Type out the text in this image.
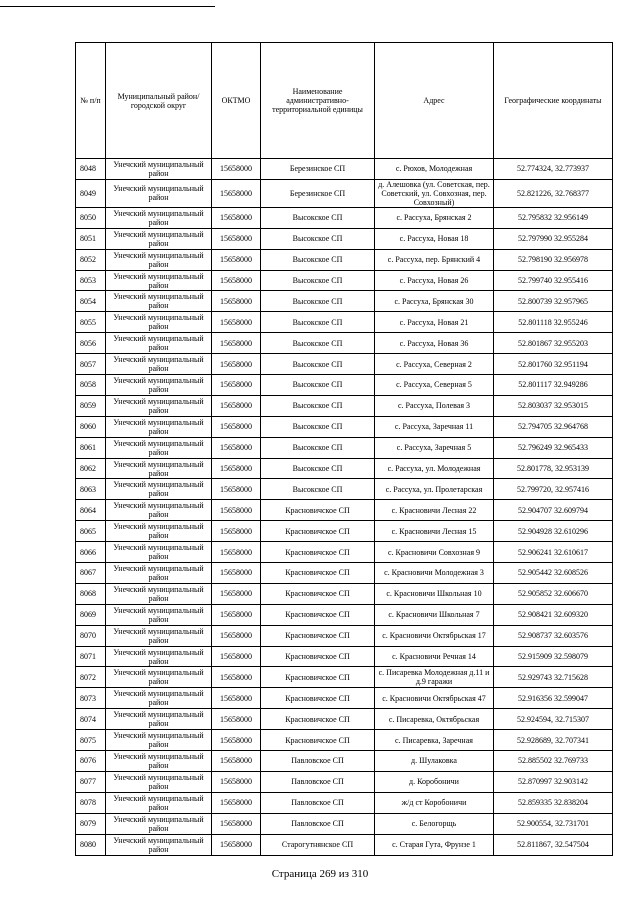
№ п/п	Муниципальный район/городской округ	ОКТМО	Наименование административно-территориальной единицы	Адрес	Географические координаты
8048	Унечский муниципальный район	15658000	Березинское СП	с. Рюхов, Молодежная	52.774324, 32.773937
8049	Унечский муниципальный район	15658000	Березинское СП	д. Алешовка (ул. Советская, пер. Советский, ул. Совхозная, пер. Совхозный)	52.821226, 32.768377
8050	Унечский муниципальный район	15658000	Высокское СП	с. Рассуха, Брянская 2	52.795832 32.956149
8051	Унечский муниципальный район	15658000	Высокское СП	с. Рассуха, Новая 18	52.797990 32.955284
8052	Унечский муниципальный район	15658000	Высокское СП	с. Рассуха, пер. Брянский 4	52.798190 32.956978
8053	Унечский муниципальный район	15658000	Высокское СП	с. Рассуха, Новая 26	52.799740 32.955416
8054	Унечский муниципальный район	15658000	Высокское СП	с. Рассуха, Брянская 30	52.800739 32.957965
8055	Унечский муниципальный район	15658000	Высокское СП	с. Рассуха, Новая 21	52.801118 32.955246
8056	Унечский муниципальный район	15658000	Высокское СП	с. Рассуха, Новая 36	52.801867 32.955203
8057	Унечский муниципальный район	15658000	Высокское СП	с. Рассуха, Северная 2	52.801760 32.951194
8058	Унечский муниципальный район	15658000	Высокское СП	с. Рассуха, Северная 5	52.801117 32.949286
8059	Унечский муниципальный район	15658000	Высокское СП	с. Рассуха, Полевая 3	52.803037 32.953015
8060	Унечский муниципальный район	15658000	Высокское СП	с. Рассуха, Заречная 11	52.794705 32.964768
8061	Унечский муниципальный район	15658000	Высокское СП	с. Рассуха, Заречная 5	52.796249 32.965433
8062	Унечский муниципальный район	15658000	Высокское СП	с. Рассуха, ул. Молодежная	52.801778, 32.953139
8063	Унечский муниципальный район	15658000	Высокское СП	с. Рассуха, ул. Пролетарская	52.799720, 32.957416
8064	Унечский муниципальный район	15658000	Красновичское СП	с. Красновичи Лесная 22	52.904707 32.609794
8065	Унечский муниципальный район	15658000	Красновичское СП	с. Красновичи Лесная 15	52.904928 32.610296
8066	Унечский муниципальный район	15658000	Красновичское СП	с. Красновичи Совхозная 9	52.906241 32.610617
8067	Унечский муниципальный район	15658000	Красновичское СП	с. Красновичи Молодежная 3	52.905442 32.608526
8068	Унечский муниципальный район	15658000	Красновичское СП	с. Красновичи Школьная 10	52.905852 32.606670
8069	Унечский муниципальный район	15658000	Красновичское СП	с. Красновичи Школьная 7	52.908421 32.609320
8070	Унечский муниципальный район	15658000	Красновичское СП	с. Красновичи Октябрьская 17	52.908737 32.603576
8071	Унечский муниципальный район	15658000	Красновичское СП	с. Красновичи Речная 14	52.915909 32.598079
8072	Унечский муниципальный район	15658000	Красновичское СП	с. Писаревка Молодежная д.11 и д.9 гаражи	52.929743 32.715628
8073	Унечский муниципальный район	15658000	Красновичское СП	с. Красновичи Октябрьская 47	52.916356 32.599047
8074	Унечский муниципальный район	15658000	Красновичское СП	с. Писаревка, Октябрьская	52.924594, 32.715307
8075	Унечский муниципальный район	15658000	Красновичское СП	с. Писаревка, Заречная	52.928689, 32.707341
8076	Унечский муниципальный район	15658000	Павловское СП	д. Шулаковка	52.885502 32.769733
8077	Унечский муниципальный район	15658000	Павловское СП	д. Коробоничи	52.870997 32.903142
8078	Унечский муниципальный район	15658000	Павловское СП	ж/д ст Коробоничи	52.859335 32.838204
8079	Унечский муниципальный район	15658000	Павловское СП	с. Белогорщь	52.900554, 32.731701
8080	Унечский муниципальный район	15658000	Старогутнянское СП	с. Старая Гута, Фрунзе 1	52.811867, 32.547504
Страница 269 из 310
